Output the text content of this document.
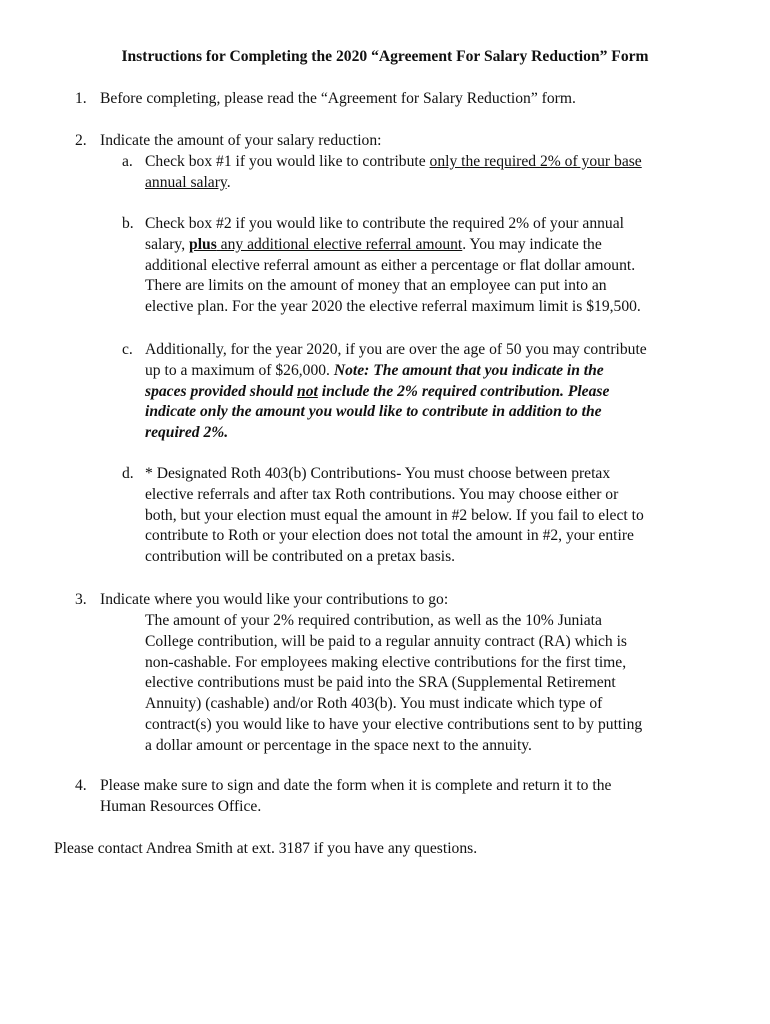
Instructions for Completing the 2020 “Agreement For Salary Reduction” Form
1. Before completing, please read the “Agreement for Salary Reduction” form.
2. Indicate the amount of your salary reduction:
a. Check box #1 if you would like to contribute only the required 2% of your base
annual salary.
b. Check box #2 if you would like to contribute the required 2% of your annual
salary, plus any additional elective referral amount. You may indicate the
additional elective referral amount as either a percentage or flat dollar amount.
There are limits on the amount of money that an employee can put into an
elective plan. For the year 2020 the elective referral maximum limit is $19,500.
c. Additionally, for the year 2020, if you are over the age of 50 you may contribute
up to a maximum of $26,000. Note: The amount that you indicate in the
spaces provided should not include the 2% required contribution. Please
indicate only the amount you would like to contribute in addition to the
required 2%.
d. * Designated Roth 403(b) Contributions- You must choose between pretax
elective referrals and after tax Roth contributions. You may choose either or
both, but your election must equal the amount in #2 below. If you fail to elect to
contribute to Roth or your election does not total the amount in #2, your entire
contribution will be contributed on a pretax basis.
3. Indicate where you would like your contributions to go:
The amount of your 2% required contribution, as well as the 10% Juniata
College contribution, will be paid to a regular annuity contract (RA) which is
non-cashable. For employees making elective contributions for the first time,
elective contributions must be paid into the SRA (Supplemental Retirement
Annuity) (cashable) and/or Roth 403(b). You must indicate which type of
contract(s) you would like to have your elective contributions sent to by putting
a dollar amount or percentage in the space next to the annuity.
4. Please make sure to sign and date the form when it is complete and return it to the
Human Resources Office.
Please contact Andrea Smith at ext. 3187 if you have any questions.
